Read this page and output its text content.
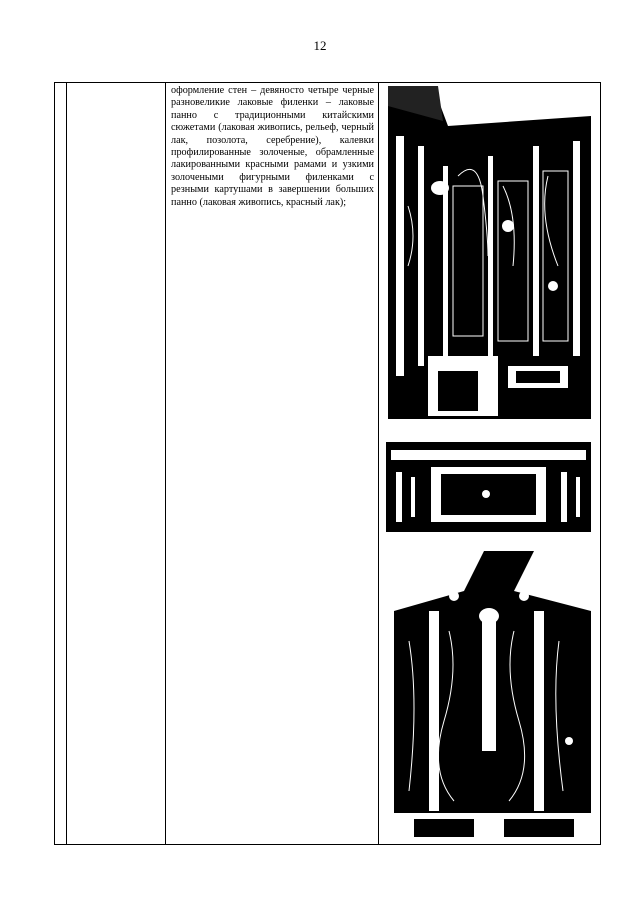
12

оформление стен – девяносто четыре черные разновеликие лаковые филенки – лаковые панно с традиционными китайскими сюжетами (лаковая живопись, рельеф, черный лак, позолота, серебрение), калевки профилированные золоченые, обрамленные лакированными красными рамами и узкими золочеными фигурными филенками с резными картушами в завершении больших панно (лаковая живопись, красный лак);
